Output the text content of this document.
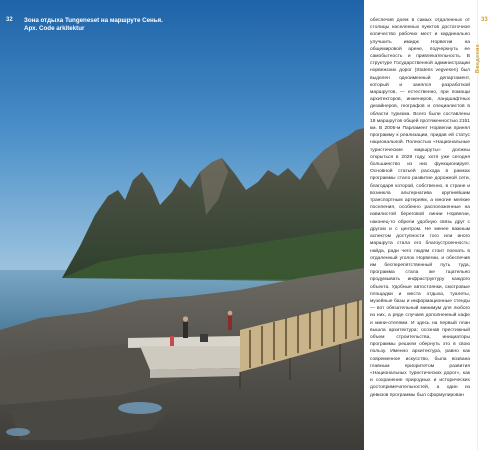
32 Зона отдыха Tungeneset на маршруте Сенья.
Арх. Code arkitektur

обеспечив доем в самых отдаленных от столицы населенных пунктов достаточное количество рабочих мест и кардинально улучшить имидж Норвегии на общемировой арене, подчеркнуть ее самобытность и привлекательность. В структуре Государственной администрации норвежских дорог (Statens vegvesen) был выделен одноименный департамент, который и занялся разработкой маршрутов, — естественно, при помощи архитекторов, инженеров, ландшафтных дизайнеров, географов и специалистов в области туризма. Всего были составлены 18 маршрутов общей протяженностью 2151 км. В 2005-м Парламент Норвегии принял программу к реализации, придав ей статус национальной. Полностью «Национальные туристические маршруты» должны открыться в 2029 году, хотя уже сегодня большинство из них функционирует. Основной статьей расхода в рамках программы стало развитие дорожной сети, благодаря которой, собственно, в стране и возникла альтернатива крупнейшим транспортным артериям, а многие мелкие поселения, особенно расположенные на извилистой береговой линии Норвегии, наконец-то обрели удобную связь друг с другом и с центром. Не менее важным аспектом доступности того или иного маршрута стала его благоустроенность: найда, ради чего людям стоит поехать в отдаленный уголок Норвегии, и обеспечив им бесперепятственный путь туда, программа стала же тщательно продумывать инфраструктуру каждого объекта. Удобные автостоянки, смотровые площадки и места отдыха, туалеты, музейные базы и информационные стенды — вот обязательный минимум для любого из них, а ряде случаев дополненный кафе и мини-отелями. И здесь на первый план вышла архитектура: осознав престижный объем строительства, инициаторы программы решили обернуть это в свою пользу. Именно архитектура, равно как современное искусство, была возвана главным приоритетом развития «Национальных туристических дорог», как и сохранение природных и исторических достопримечательностей, а один из девизов программы был сформулирован

33
Введение
